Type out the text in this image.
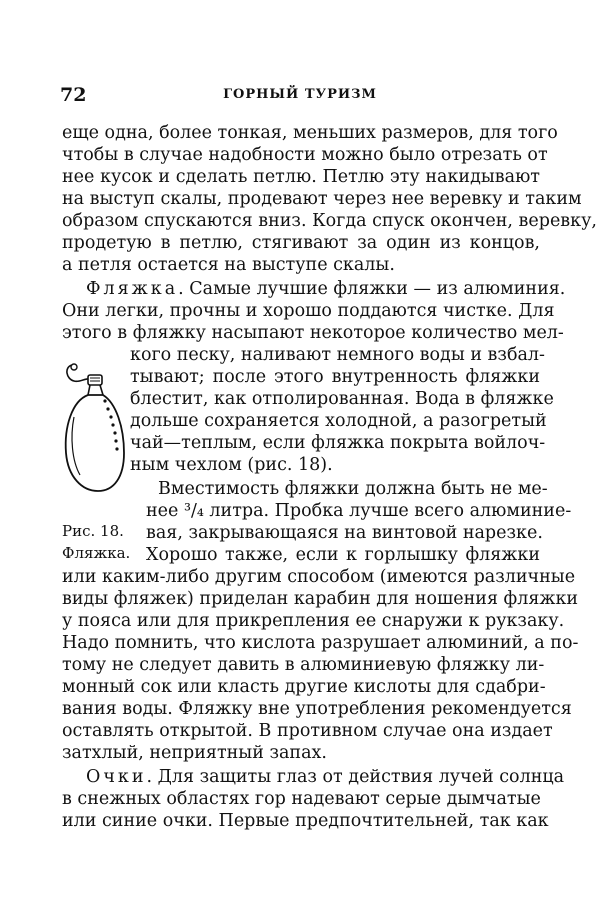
72	ГОРНЫЙ ТУРИЗМ
еще одна, более тонкая, меньших размеров, для того
чтобы в случае надобности можно было отрезать от
нее кусок и сделать петлю. Петлю эту накидывают
на выступ скалы, продевают через нее веревку и таким
образом спускаются вниз. Когда спуск окончен, веревку,
продетую в петлю, стягивают за один из концов,
а петля остается на выступе скалы.
Фляжка. Самые лучшие фляжки — из алюминия.
Они легки, прочны и хорошо поддаются чистке. Для
этого в фляжку насыпают некоторое количество мел-
кого песку, наливают немного воды и взбал-
тывают; после этого внутренность фляжки
блестит, как отполированная. Вода в фляжке
дольше сохраняется холодной, а разогретый
чай—теплым, если фляжка покрыта войлоч-
ным чехлом (рис. 18).
Вместимость фляжки должна быть не ме-
нее ³/₄ литра. Пробка лучше всего алюминие-
вая, закрывающаяся на винтовой нарезке.
Хорошо также, если к горлышку фляжки
или каким-либо другим способом (имеются различные
виды фляжек) приделан карабин для ношения фляжки
у пояса или для прикрепления ее снаружи к рукзаку.
Надо помнить, что кислота разрушает алюминий, а по-
тому не следует давить в алюминиевую фляжку ли-
монный сок или класть другие кислоты для сдабри-
вания воды. Фляжку вне употребления рекомендуется
оставлять открытой. В противном случае она издает
затхлый, неприятный запах.
Очки. Для защиты глаз от действия лучей солнца
в снежных областях гор надевают серые дымчатые
или синие очки. Первые предпочтительней, так как
Рис. 18.
Фляжка.
